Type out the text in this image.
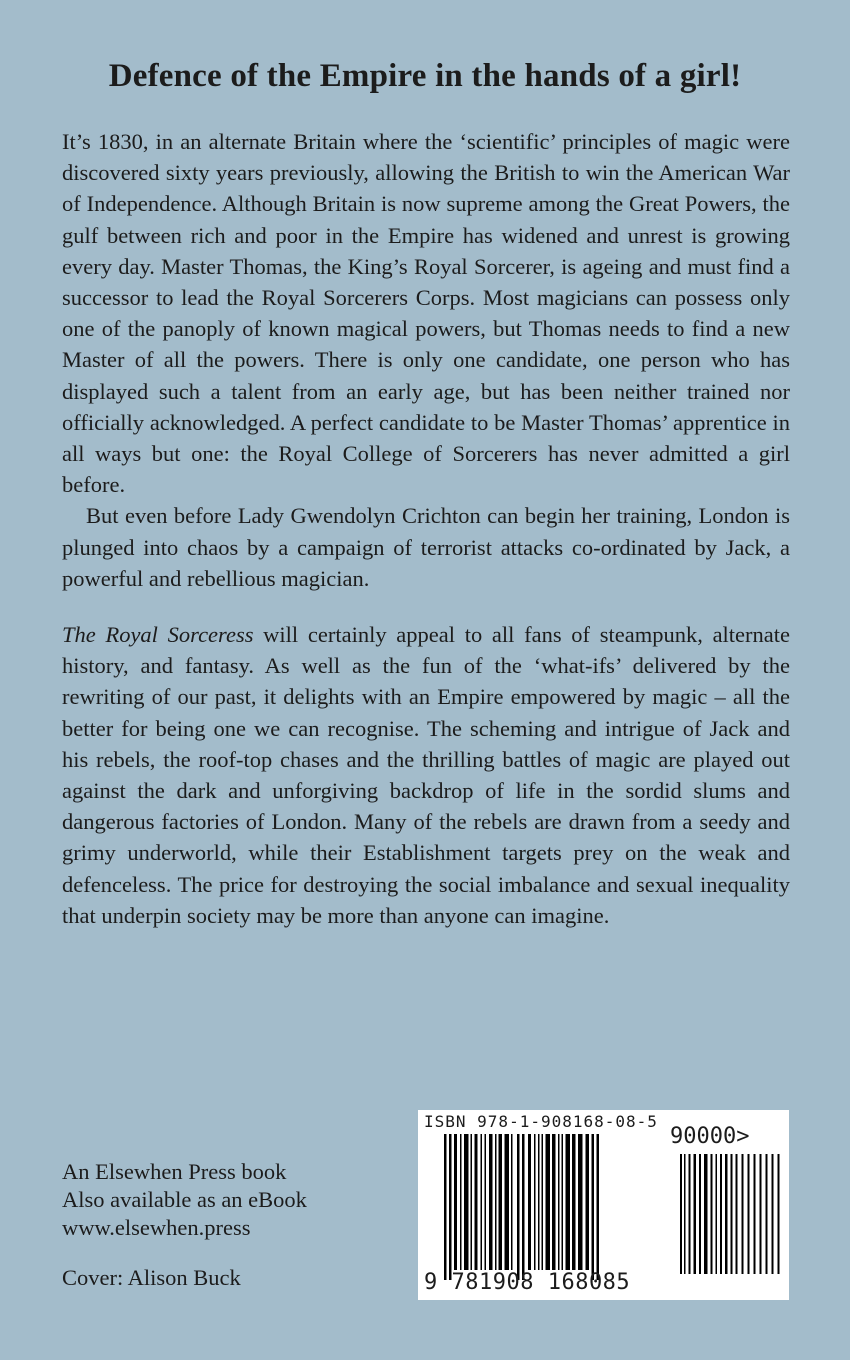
Defence of the Empire in the hands of a girl!

It’s 1830, in an alternate Britain where the ‘scientific’ principles of magic were discovered sixty years previously, allowing the British to win the American War of Independence. Although Britain is now supreme among the Great Powers, the gulf between rich and poor in the Empire has widened and unrest is growing every day. Master Thomas, the King’s Royal Sorcerer, is ageing and must find a successor to lead the Royal Sorcerers Corps. Most magicians can possess only one of the panoply of known magical powers, but Thomas needs to find a new Master of all the powers. There is only one candidate, one person who has displayed such a talent from an early age, but has been neither trained nor officially acknowledged. A perfect candidate to be Master Thomas’ apprentice in all ways but one: the Royal College of Sorcerers has never admitted a girl before.

But even before Lady Gwendolyn Crichton can begin her training, London is plunged into chaos by a campaign of terrorist attacks co-ordinated by Jack, a powerful and rebellious magician.

The Royal Sorceress will certainly appeal to all fans of steampunk, alternate history, and fantasy. As well as the fun of the ‘what-ifs’ delivered by the rewriting of our past, it delights with an Empire empowered by magic – all the better for being one we can recognise. The scheming and intrigue of Jack and his rebels, the roof-top chases and the thrilling battles of magic are played out against the dark and unforgiving backdrop of life in the sordid slums and dangerous factories of London. Many of the rebels are drawn from a seedy and grimy underworld, while their Establishment targets prey on the weak and defenceless. The price for destroying the social imbalance and sexual inequality that underpin society may be more than anyone can imagine.

An Elsewhen Press book
Also available as an eBook
www.elsewhen.press
Cover: Alison Buck
ISBN 978-1-908168-08-5
90000>
9 781908 168085
